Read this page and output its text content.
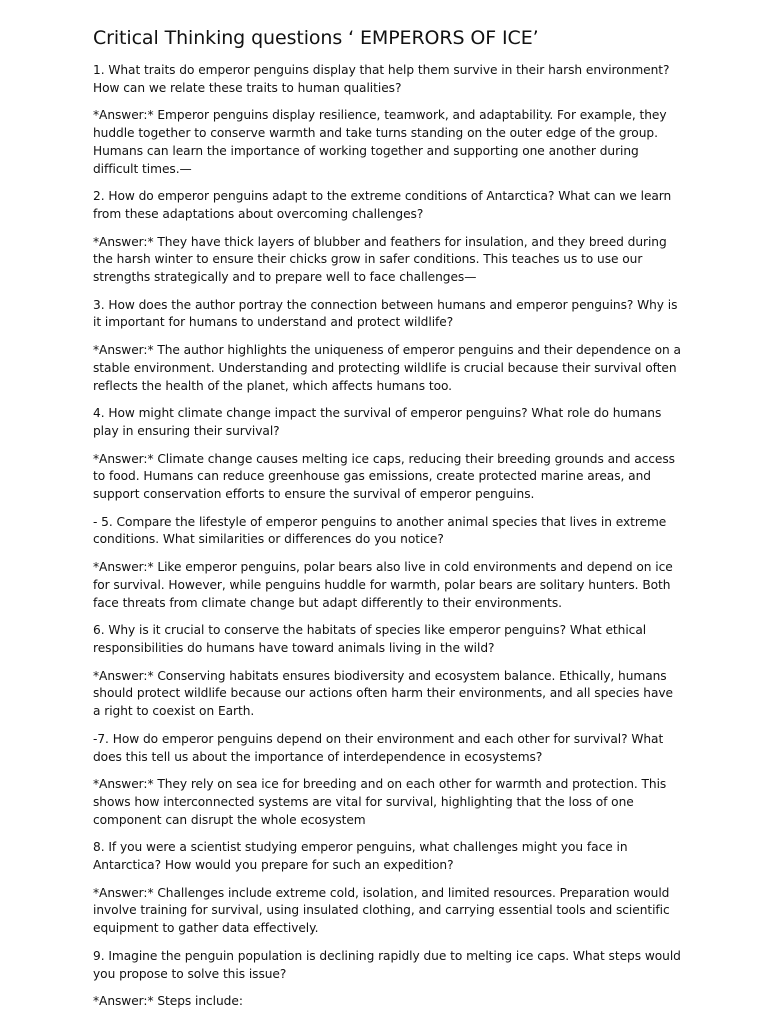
Critical Thinking questions ‘ EMPERORS OF ICE’

1. What traits do emperor penguins display that help them survive in their harsh environment? How can we relate these traits to human qualities?

*Answer:* Emperor penguins display resilience, teamwork, and adaptability. For example, they huddle together to conserve warmth and take turns standing on the outer edge of the group. Humans can learn the importance of working together and supporting one another during difficult times.—

2. How do emperor penguins adapt to the extreme conditions of Antarctica? What can we learn from these adaptations about overcoming challenges?

*Answer:* They have thick layers of blubber and feathers for insulation, and they breed during the harsh winter to ensure their chicks grow in safer conditions. This teaches us to use our strengths strategically and to prepare well to face challenges—

3. How does the author portray the connection between humans and emperor penguins? Why is it important for humans to understand and protect wildlife?

*Answer:* The author highlights the uniqueness of emperor penguins and their dependence on a stable environment. Understanding and protecting wildlife is crucial because their survival often reflects the health of the planet, which affects humans too.

4. How might climate change impact the survival of emperor penguins? What role do humans play in ensuring their survival?

*Answer:* Climate change causes melting ice caps, reducing their breeding grounds and access to food. Humans can reduce greenhouse gas emissions, create protected marine areas, and support conservation efforts to ensure the survival of emperor penguins.

- 5. Compare the lifestyle of emperor penguins to another animal species that lives in extreme conditions. What similarities or differences do you notice?

*Answer:* Like emperor penguins, polar bears also live in cold environments and depend on ice for survival. However, while penguins huddle for warmth, polar bears are solitary hunters. Both face threats from climate change but adapt differently to their environments.

6. Why is it crucial to conserve the habitats of species like emperor penguins? What ethical responsibilities do humans have toward animals living in the wild?

*Answer:* Conserving habitats ensures biodiversity and ecosystem balance. Ethically, humans should protect wildlife because our actions often harm their environments, and all species have a right to coexist on Earth.

-7. How do emperor penguins depend on their environment and each other for survival? What does this tell us about the importance of interdependence in ecosystems?

*Answer:* They rely on sea ice for breeding and on each other for warmth and protection. This shows how interconnected systems are vital for survival, highlighting that the loss of one component can disrupt the whole ecosystem

8. If you were a scientist studying emperor penguins, what challenges might you face in Antarctica? How would you prepare for such an expedition?

*Answer:* Challenges include extreme cold, isolation, and limited resources. Preparation would involve training for survival, using insulated clothing, and carrying essential tools and scientific equipment to gather data effectively.

9. Imagine the penguin population is declining rapidly due to melting ice caps. What steps would you propose to solve this issue?

*Answer:* Steps include:
